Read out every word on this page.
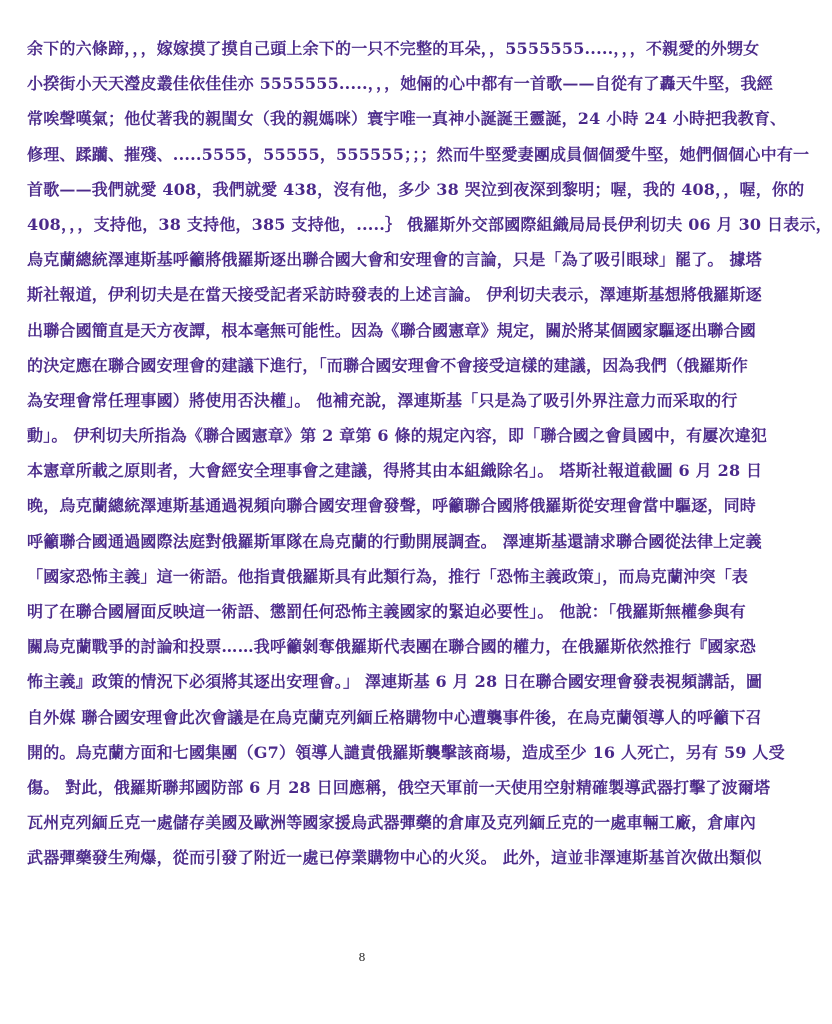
余下的六條蹄，，，嫁嫁摸了摸自己頭上余下的一只不完整的耳朵，，5555555.....，，，不親愛的外甥女
小揆街小天天瀅皮叢佳依佳佳亦 5555555.....，，，她倆的心中都有一首歌——自從有了轟天牛堅，我經
常唉聲嘆氣；他仗著我的親閨女（我的親媽咪）寰宇唯一真神小誕誕王靈誕，24 小時 24 小時把我教育、
修理、蹂躪、摧殘、.....5555，55555，555555；；；然而牛堅愛妻團成員個個愛牛堅，她們個個心中有一
首歌——我們就愛 408，我們就愛 438，沒有他，多少 38 哭泣到夜深到黎明；喔，我的 408，，喔，你的
408，，，支持他，38 支持他，385 支持他，.....｝ 俄羅斯外交部國際組織局局長伊利切夫 06 月 30 日表示，
烏克蘭總統澤連斯基呼籲將俄羅斯逐出聯合國大會和安理會的言論，只是「為了吸引眼球」罷了。 據塔
斯社報道，伊利切夫是在當天接受記者采訪時發表的上述言論。 伊利切夫表示，澤連斯基想將俄羅斯逐
出聯合國簡直是天方夜譚，根本毫無可能性。因為《聯合國憲章》規定，關於將某個國家驅逐出聯合國
的決定應在聯合國安理會的建議下進行，「而聯合國安理會不會接受這樣的建議，因為我們（俄羅斯作
為安理會常任理事國）將使用否決權」。 他補充說，澤連斯基「只是為了吸引外界注意力而采取的行
動」。 伊利切夫所指為《聯合國憲章》第 2 章第 6 條的規定內容，即「聯合國之會員國中，有屢次違犯
本憲章所載之原則者，大會經安全理事會之建議，得將其由本組織除名」。 塔斯社報道截圖 6 月 28 日
晚，烏克蘭總統澤連斯基通過視頻向聯合國安理會發聲，呼籲聯合國將俄羅斯從安理會當中驅逐，同時
呼籲聯合國通過國際法庭對俄羅斯軍隊在烏克蘭的行動開展調查。 澤連斯基還請求聯合國從法律上定義
「國家恐怖主義」這一術語。他指責俄羅斯具有此類行為，推行「恐怖主義政策」，而烏克蘭沖突「表
明了在聯合國層面反映這一術語、懲罰任何恐怖主義國家的緊迫必要性」。 他說：「俄羅斯無權參與有
關烏克蘭戰爭的討論和投票……我呼籲剝奪俄羅斯代表團在聯合國的權力，在俄羅斯依然推行『國家恐
怖主義』政策的情況下必須將其逐出安理會。」 澤連斯基 6 月 28 日在聯合國安理會發表視頻講話，圖
自外媒 聯合國安理會此次會議是在烏克蘭克列緬丘格購物中心遭襲事件後，在烏克蘭領導人的呼籲下召
開的。烏克蘭方面和七國集團（G7）領導人譴責俄羅斯襲擊該商場，造成至少 16 人死亡，另有 59 人受
傷。 對此，俄羅斯聯邦國防部 6 月 28 日回應稱，俄空天軍前一天使用空射精確製導武器打擊了波爾塔
瓦州克列緬丘克一處儲存美國及歐洲等國家援烏武器彈藥的倉庫及克列緬丘克的一處車輛工廠，倉庫內
武器彈藥發生殉爆，從而引發了附近一處已停業購物中心的火災。 此外，這並非澤連斯基首次做出類似
8
